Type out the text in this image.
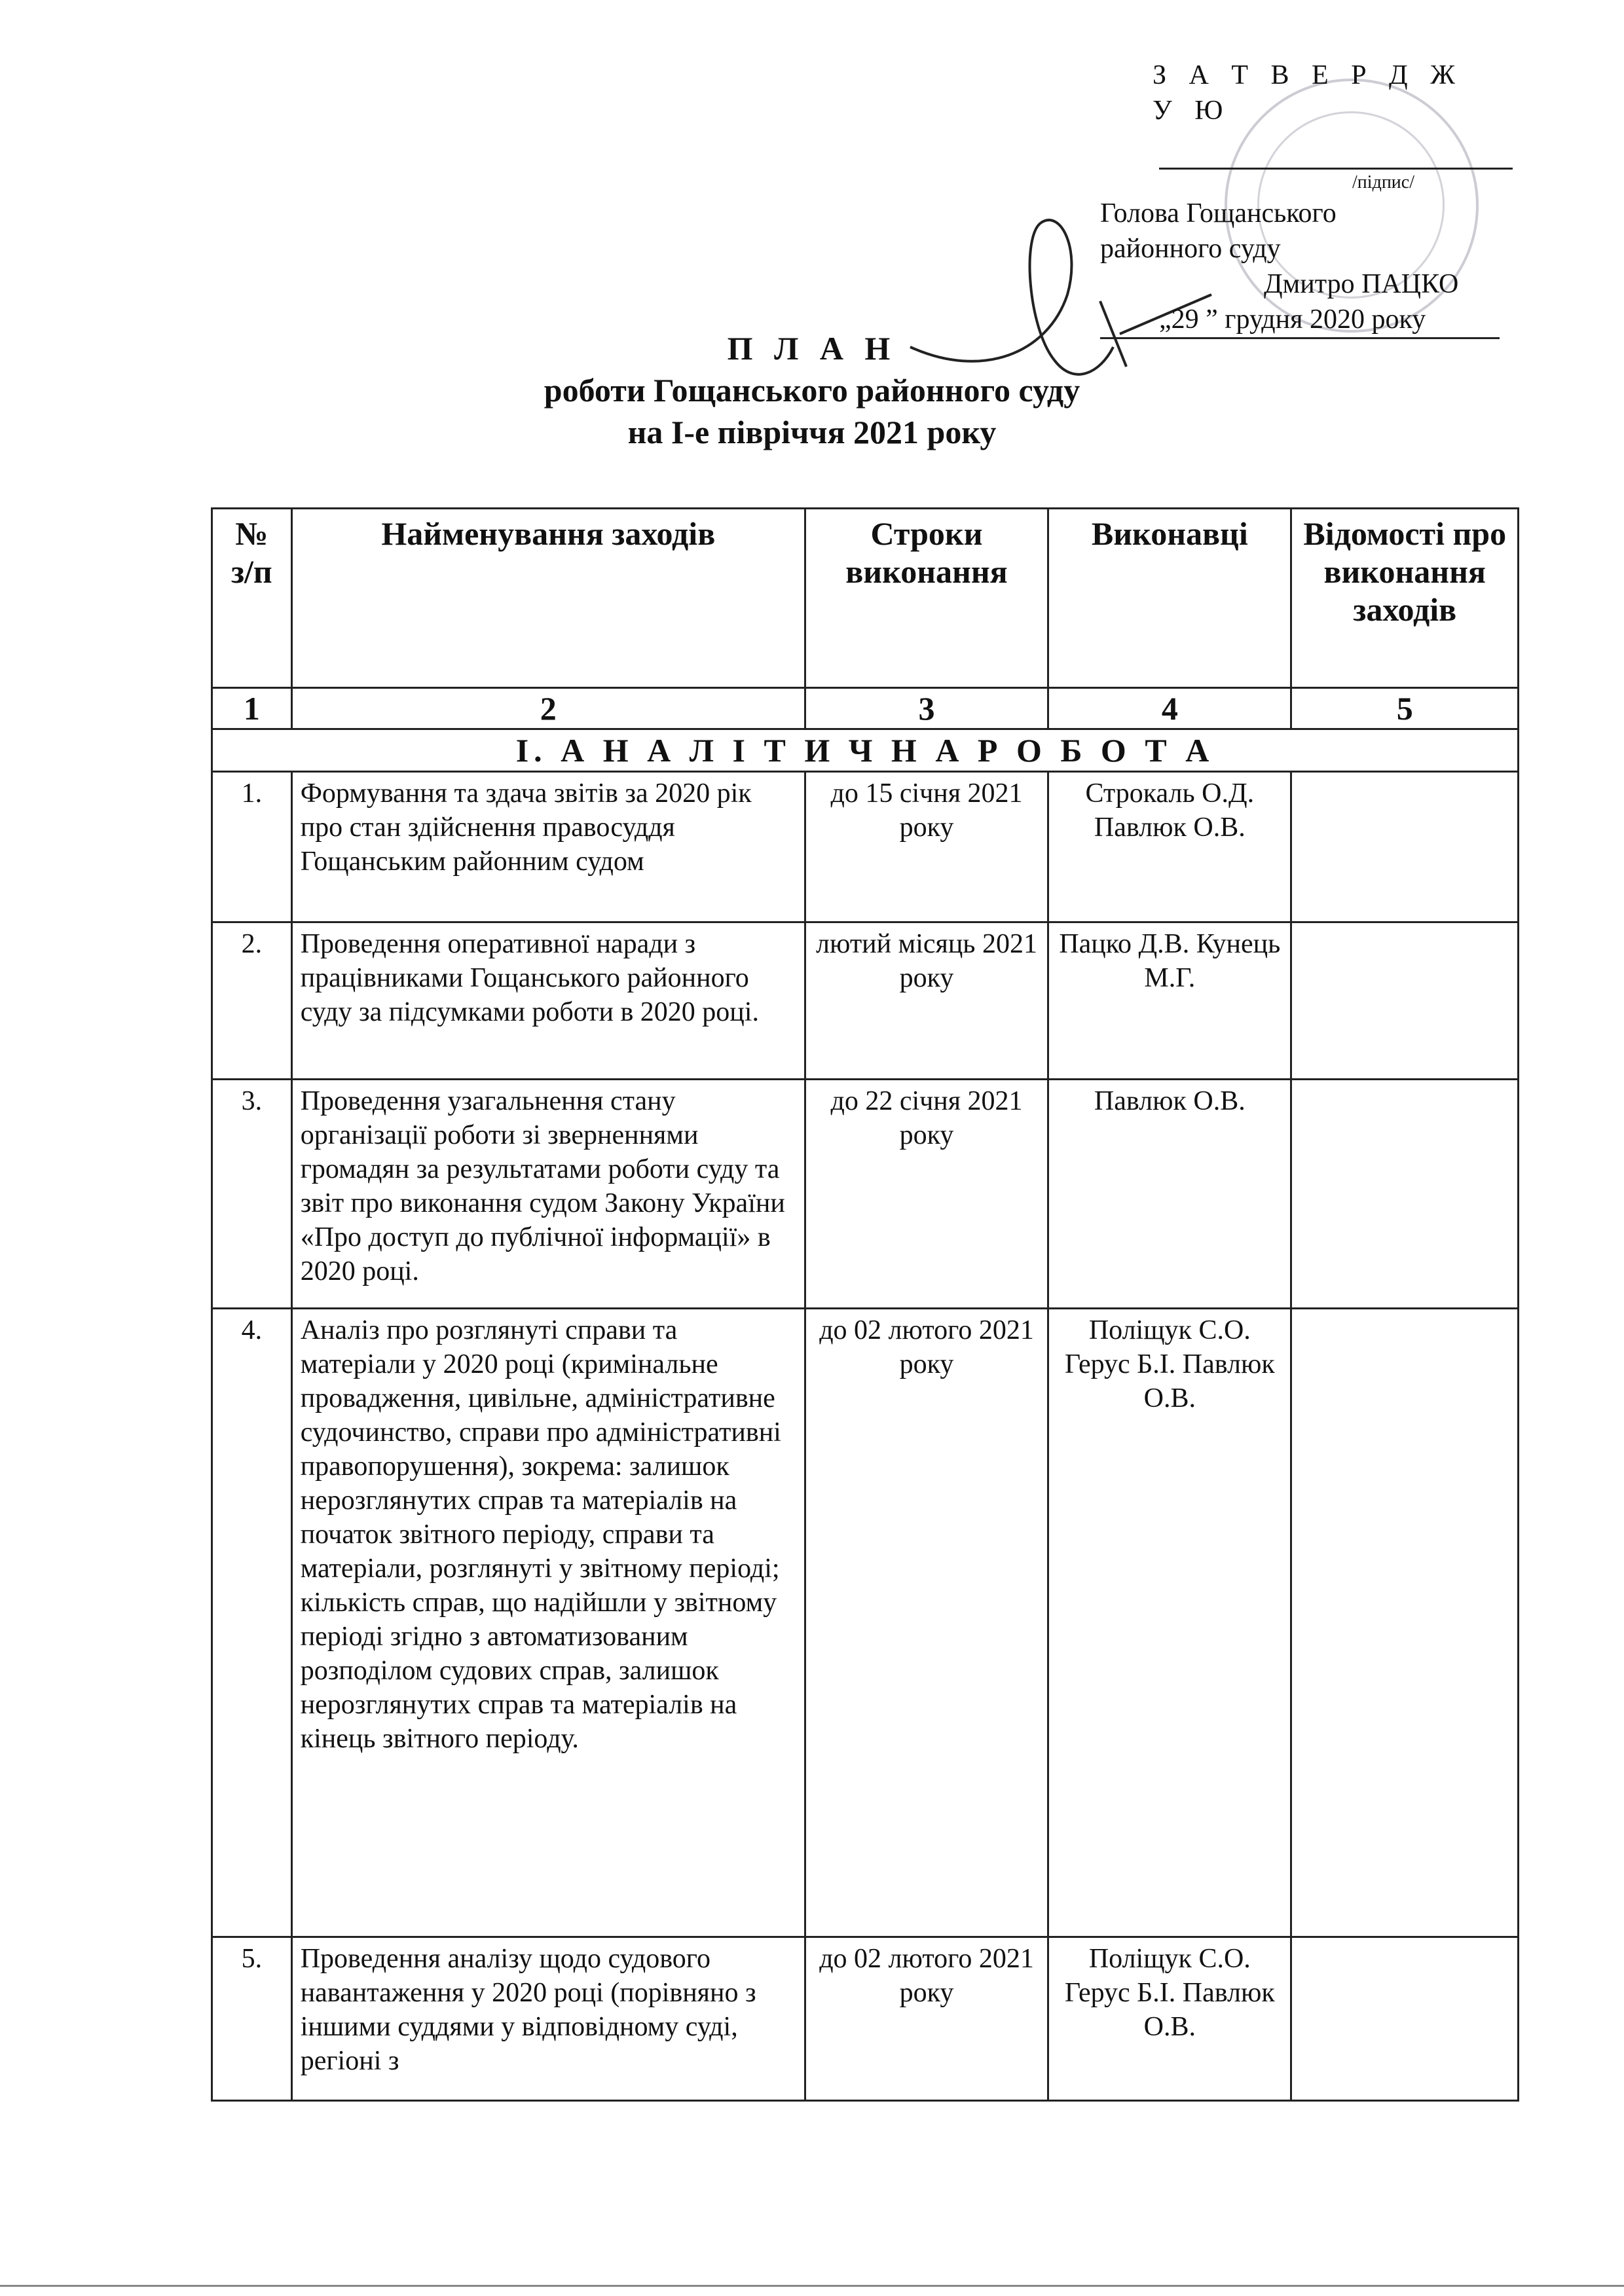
З А Т В Е Р Д Ж У Ю
/підпис/
Голова Гощанського
районного суду
Дмитро ПАЦКО
„29 ” грудня 2020 року
П Л А Н
роботи Гощанського районного суду
на І-е півріччя 2021 року
№ з/п	Найменування заходів	Строки виконання	Виконавці	Відомості про виконання заходів
1	2	3	4	5
І. А Н А Л І Т И Ч Н А Р О Б О Т А				
1.	Формування та здача звітів за 2020 рік про стан здійснення правосуддя Гощанським районним судом	до 15 січня 2021 року	Строкаль О.Д. Павлюк О.В.	
2.	Проведення оперативної наради з працівниками Гощанського районного суду за підсумками роботи в 2020 році.	лютий місяць 2021 року	Пацко Д.В. Кунець М.Г.	
3.	Проведення узагальнення стану організації роботи зі зверненнями громадян за результатами роботи суду та звіт про виконання судом Закону України «Про доступ до публічної інформації» в 2020 році.	до 22 січня 2021 року	Павлюк О.В.	
4.	Аналіз про розглянуті справи та матеріали у 2020 році (кримінальне провадження, цивільне, адміністративне судочинство, справи про адміністративні правопорушення), зокрема: залишок нерозглянутих справ та матеріалів на початок звітного періоду, справи та матеріали, розглянуті у звітному періоді; кількість справ, що надійшли у звітному періоді згідно з автоматизованим розподілом судових справ, залишок нерозглянутих справ та матеріалів на кінець звітного періоду.	до 02 лютого 2021 року	Поліщук С.О. Герус Б.І. Павлюк О.В.	
5.	Проведення аналізу щодо судового навантаження у 2020 році (порівняно з іншими суддями у відповідному суді, регіоні з	до 02 лютого 2021 року	Поліщук С.О. Герус Б.І. Павлюк О.В.	
